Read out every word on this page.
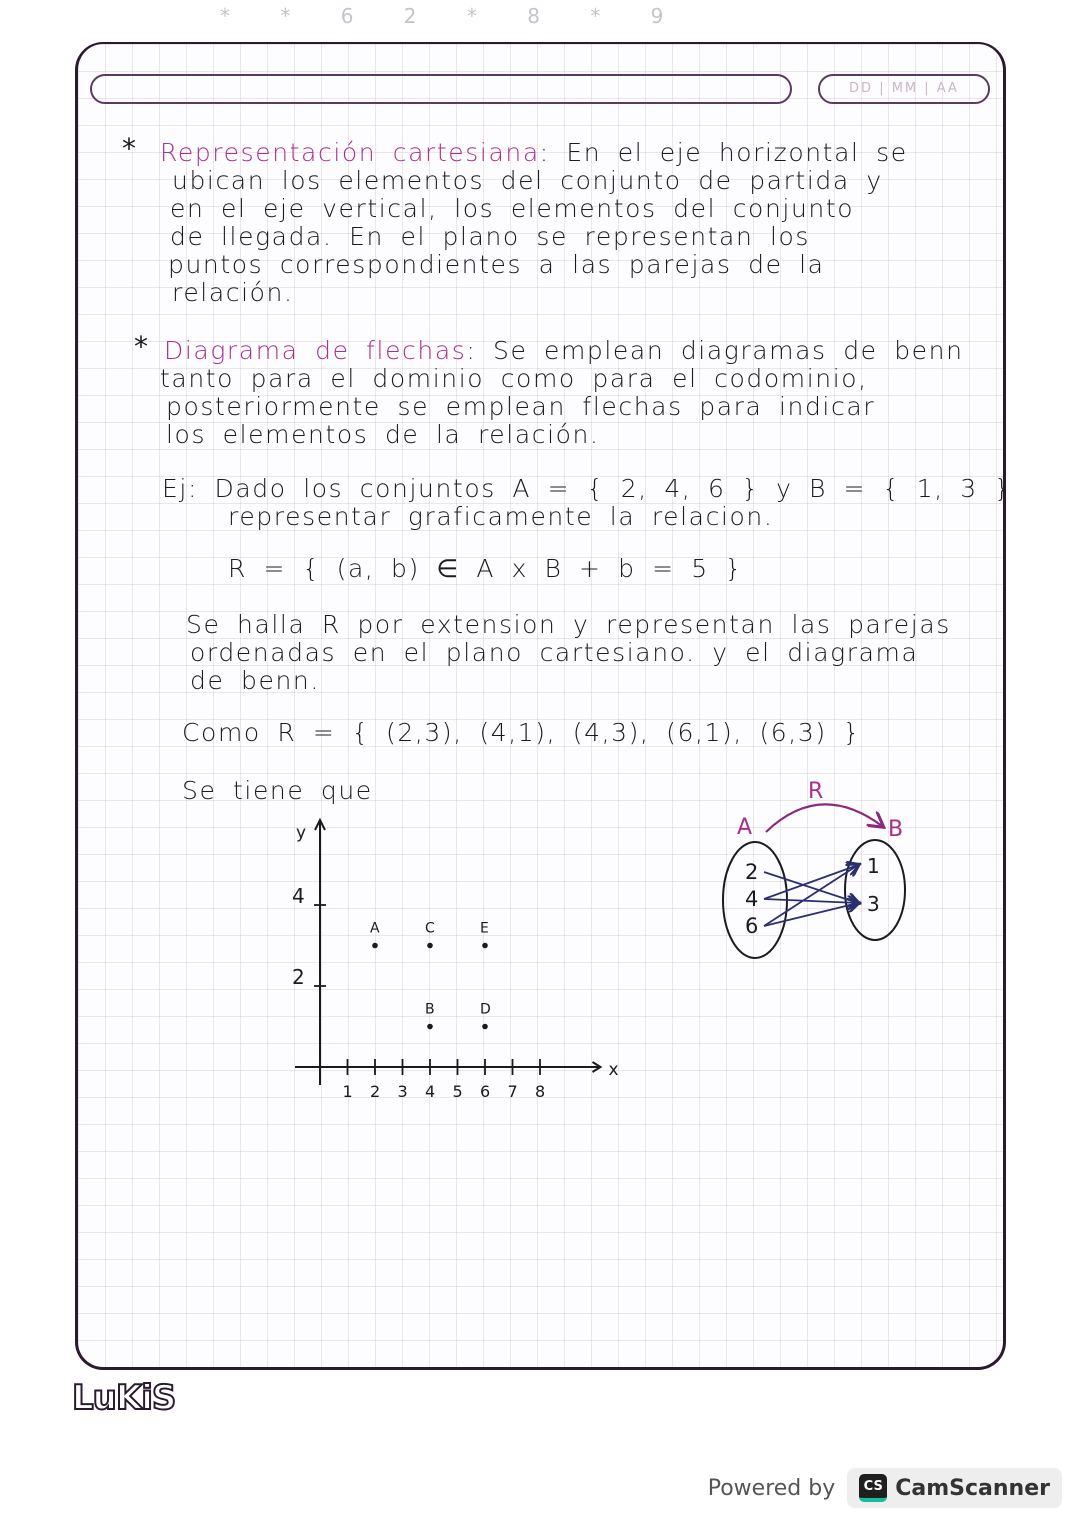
* * 6 2 * 8 * 9
DD | MM | AA
* Representación cartesiana: En el eje horizontal se
ubican los elementos del conjunto de partida y
en el eje vertical, los elementos del conjunto
de llegada. En el plano se representan los
puntos correspondientes a las parejas de la
relación.
* Diagrama de flechas: Se emplean diagramas de benn
tanto para el dominio como para el codominio,
posteriormente se emplean flechas para indicar
los elementos de la relación.
Ej: Dado los conjuntos A = { 2, 4, 6 } y B = { 1, 3 }
representar graficamente la relacion.
R = { (a, b) ∈ A x B + b = 5 }
Se halla R por extension y representan las parejas
ordenadas en el plano cartesiano. y el diagrama
de benn.
Como R = { (2,3), (4,1), (4,3), (6,1), (6,3) }
Se tiene que
x
y
1 2 3 4 5 6 7 8
2
4
A
B
C
D
E
A	B
R
2
4
6
1
3
LuKiS
Powered by	CS CamScanner
